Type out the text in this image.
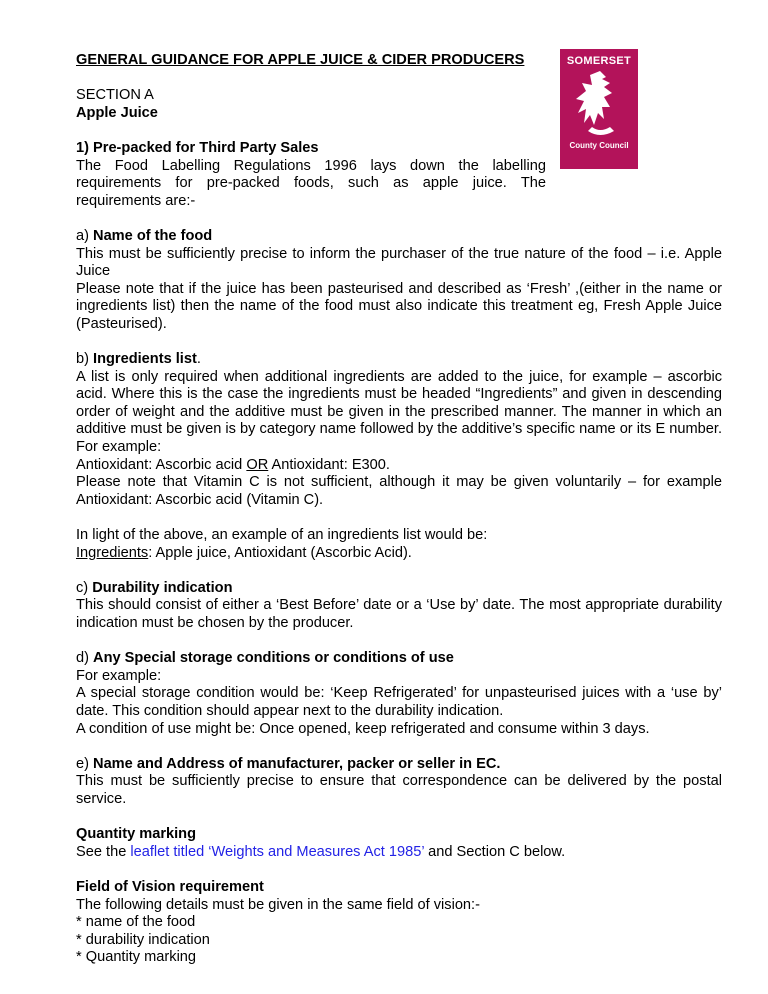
SOMERSET
County Council

GENERAL GUIDANCE FOR APPLE JUICE & CIDER PRODUCERS

SECTION A

Apple Juice

1) Pre-packed for Third Party Sales

The Food Labelling Regulations 1996 lays down the labelling requirements for pre-packed foods, such as apple juice. The requirements are:-

a) Name of the food

This must be sufficiently precise to inform the purchaser of the true nature of the food – i.e. Apple Juice

Please note that if the juice has been pasteurised and described as ‘Fresh’ ,(either in the name or ingredients list) then the name of the food must also indicate this treatment eg, Fresh Apple Juice (Pasteurised).

b) Ingredients list.

A list is only required when additional ingredients are added to the juice, for example – ascorbic acid. Where this is the case the ingredients must be headed “Ingredients” and given in descending order of weight and the additive must be given in the prescribed manner. The manner in which an additive must be given is by category name followed by the additive’s specific name or its E number. For example:

Antioxidant: Ascorbic acid OR Antioxidant: E300.

Please note that Vitamin C is not sufficient, although it may be given voluntarily – for example Antioxidant: Ascorbic acid (Vitamin C).

In light of the above, an example of an ingredients list would be:

Ingredients: Apple juice, Antioxidant (Ascorbic Acid).

c) Durability indication

This should consist of either a ‘Best Before’ date or a ‘Use by’ date. The most appropriate durability indication must be chosen by the producer.

d) Any Special storage conditions or conditions of use

For example:

A special storage condition would be: ‘Keep Refrigerated’ for unpasteurised juices with a ‘use by’ date. This condition should appear next to the durability indication.

A condition of use might be: Once opened, keep refrigerated and consume within 3 days.

e) Name and Address of manufacturer, packer or seller in EC.

This must be sufficiently precise to ensure that correspondence can be delivered by the postal service.

Quantity marking

See the leaflet titled ‘Weights and Measures Act 1985’ and Section C below.

Field of Vision requirement

The following details must be given in the same field of vision:-

* name of the food

* durability indication

* Quantity marking
